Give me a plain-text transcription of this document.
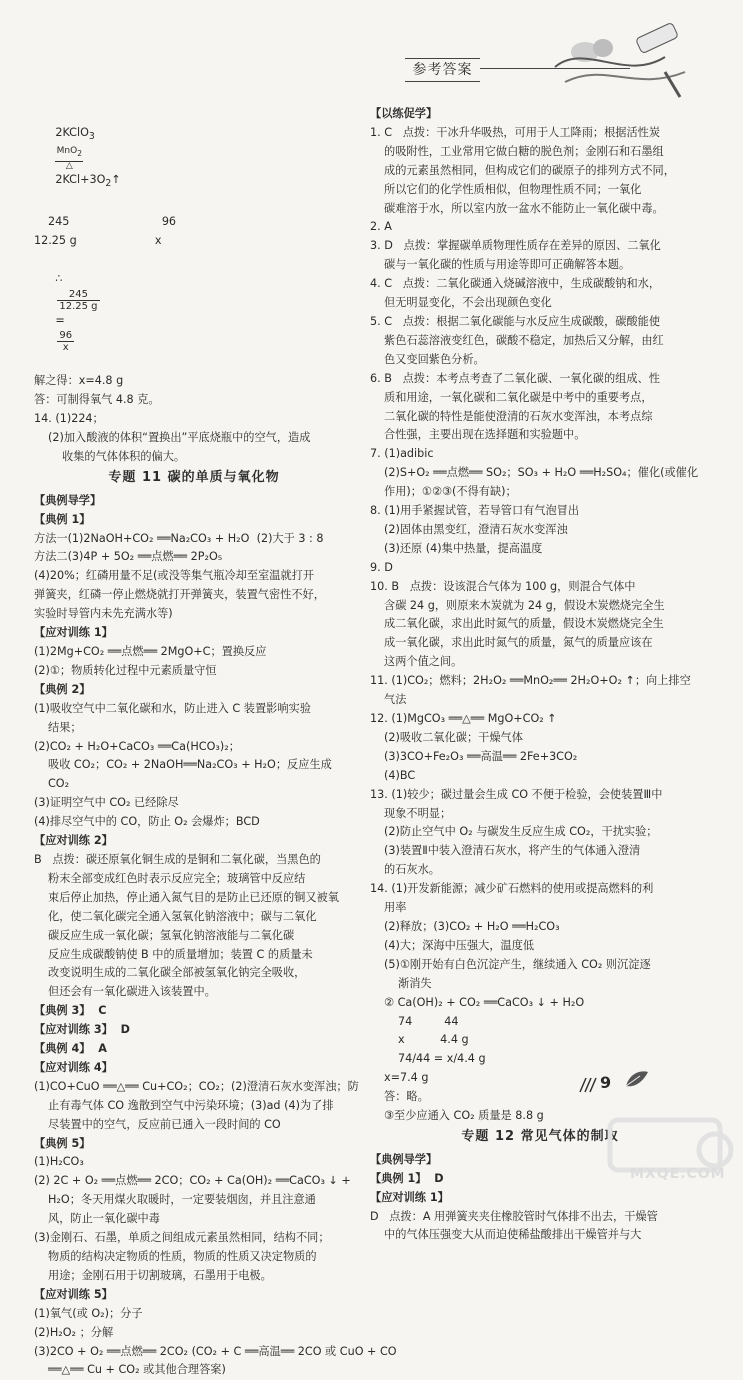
参考答案

2KClO$_3$

MnO$_2$
△

$2KCl+3O_2↑$

245                          96
12.25 g                      x

∴

$\frac{245}{12.25 g}$

=

$\frac{96}{x}$

解之得：x=4.8 g
答：可制得氧气 4.8 克。
14. (1)224；
(2)加入酸液的体积“置换出”平底烧瓶中的空气，造成
收集的气体体积的偏大。
专题 11 碳的单质与氧化物
【典例导学】
【典例 1】
方法一(1)2NaOH+CO₂ ══Na₂CO₃ + H₂O  (2)大于 3 : 8
方法二(3)4P + 5O₂ ══点燃══ 2P₂O₅
(4)20%；红磷用量不足(或没等集气瓶冷却至室温就打开
弹簧夹，红磷一停止燃烧就打开弹簧夹，装置气密性不好，
实验时导管内未先充满水等)
【应对训练 1】
(1)2Mg+CO₂ ══点燃══ 2MgO+C；置换反应
(2)①；物质转化过程中元素质量守恒
【典例 2】
(1)吸收空气中二氧化碳和水，防止进入 C 装置影响实验
结果；
(2)CO₂ + H₂O+CaCO₃ ══Ca(HCO₃)₂；
吸收 CO₂；CO₂ + 2NaOH══Na₂CO₃ + H₂O；反应生成
CO₂
(3)证明空气中 CO₂ 已经除尽
(4)排尽空气中的 CO，防止 O₂ 会爆炸；BCD
【应对训练 2】
B   点拨：碳还原氧化铜生成的是铜和二氧化碳，当黑色的
粉末全部变成红色时表示反应完全；玻璃管中反应结
束后停止加热，停止通入氮气目的是防止已还原的铜又被氧
化，使二氧化碳完全通入氢氧化钠溶液中；碳与二氧化
碳反应生成一氧化碳；氢氧化钠溶液能与二氧化碳
反应生成碳酸钠使 B 中的质量增加；装置 C 的质量未
改变说明生成的二氧化碳全部被氢氧化钠完全吸收，
但还会有一氧化碳进入该装置中。
【典例 3】  C
【应对训练 3】  D
【典例 4】  A
【应对训练 4】
(1)CO+CuO ══△══ Cu+CO₂；CO₂；(2)澄清石灰水变浑浊；防
止有毒气体 CO 逸散到空气中污染环境；(3)ad (4)为了排
尽装置中的空气，反应前已通入一段时间的 CO
【典例 5】
(1)H₂CO₃
(2) 2C + O₂ ══点燃══ 2CO；CO₂ + Ca(OH)₂ ══CaCO₃ ↓ +
H₂O；冬天用煤火取暖时，一定要装烟囱，并且注意通
风，防止一氧化碳中毒
(3)金刚石、石墨，单质之间组成元素虽然相同，结构不同；
物质的结构决定物质的性质，物质的性质又决定物质的
用途；金刚石用于切割玻璃，石墨用于电极。
【应对训练 5】
(1)氧气(或 O₂)；分子
(2)H₂O₂ ；分解
(3)2CO + O₂ ══点燃══ 2CO₂ (CO₂ + C ══高温══ 2CO 或 CuO + CO
══△══ Cu + CO₂ 或其他合理答案)
【以练促学】
1. C   点拨：干冰升华吸热，可用于人工降雨；根据活性炭
的吸附性，工业常用它做白糖的脱色剂；金刚石和石墨组
成的元素虽然相同，但构成它们的碳原子的排列方式不同，
所以它们的化学性质相似，但物理性质不同；一氧化
碳难溶于水，所以室内放一盆水不能防止一氧化碳中毒。
2. A
3. D   点拨：掌握碳单质物理性质存在差异的原因、二氧化
碳与一氧化碳的性质与用途等即可正确解答本题。
4. C   点拨：二氧化碳通入烧碱溶液中，生成碳酸钠和水，
但无明显变化，不会出现颜色变化
5. C   点拨：根据二氧化碳能与水反应生成碳酸，碳酸能使
紫色石蕊溶液变红色，碳酸不稳定，加热后又分解，由红
色又变回紫色分析。
6. B   点拨：本考点考查了二氧化碳、一氧化碳的组成、性
质和用途，一氧化碳和二氧化碳是中考中的重要考点，
二氧化碳的特性是能使澄清的石灰水变浑浊，本考点综
合性强，主要出现在选择题和实验题中。
7. (1)adibic
(2)S+O₂ ══点燃══ SO₂；SO₃ + H₂O ══H₂SO₄；催化(或催化
作用)；①②③(不得有缺)；
8. (1)用手紧握试管，若导管口有气泡冒出
(2)固体由黑变红，澄清石灰水变浑浊
(3)还原 (4)集中热量，提高温度
9. D
10. B   点拨：设该混合气体为 100 g，则混合气体中
含碳 24 g，则原来木炭就为 24 g，假设木炭燃烧完全生
成二氧化碳，求出此时氮气的质量，假设木炭燃烧完全生
成一氧化碳，求出此时氮气的质量，氮气的质量应该在
这两个值之间。
11. (1)CO₂；燃料；2H₂O₂ ══MnO₂══ 2H₂O+O₂ ↑；向上排空
气法
12. (1)MgCO₃ ══△══ MgO+CO₂ ↑
(2)吸收二氧化碳；干燥气体
(3)3CO+Fe₂O₃ ══高温══ 2Fe+3CO₂
(4)BC
13. (1)较少；碳过量会生成 CO 不便于检验，会使装置Ⅲ中
现象不明显；
(2)防止空气中 O₂ 与碳发生反应生成 CO₂，干扰实验；
(3)装置Ⅱ中装入澄清石灰水，将产生的气体通入澄清
的石灰水。
14. (1)开发新能源；减少矿石燃料的使用或提高燃料的利
用率
(2)释放；(3)CO₂ + H₂O ══H₂CO₃
(4)大；深海中压强大，温度低
(5)①刚开始有白色沉淀产生，继续通入 CO₂ 则沉淀逐
渐消失
② Ca(OH)₂ + CO₂ ══CaCO₃ ↓ + H₂O
74         44
x          4.4 g
74/44 = x/4.4 g
x=7.4 g
答：略。
③至少应通入 CO₂ 质量是 8.8 g
专题 12 常见气体的制取
【典例导学】
【典例 1】  D
【应对训练 1】
D   点拨：A 用弹簧夹夹住橡胶管时气体排不出去，干燥管
中的气体压强变大从而迫使稀盐酸排出干燥管并与大
9
MXQE.COM
